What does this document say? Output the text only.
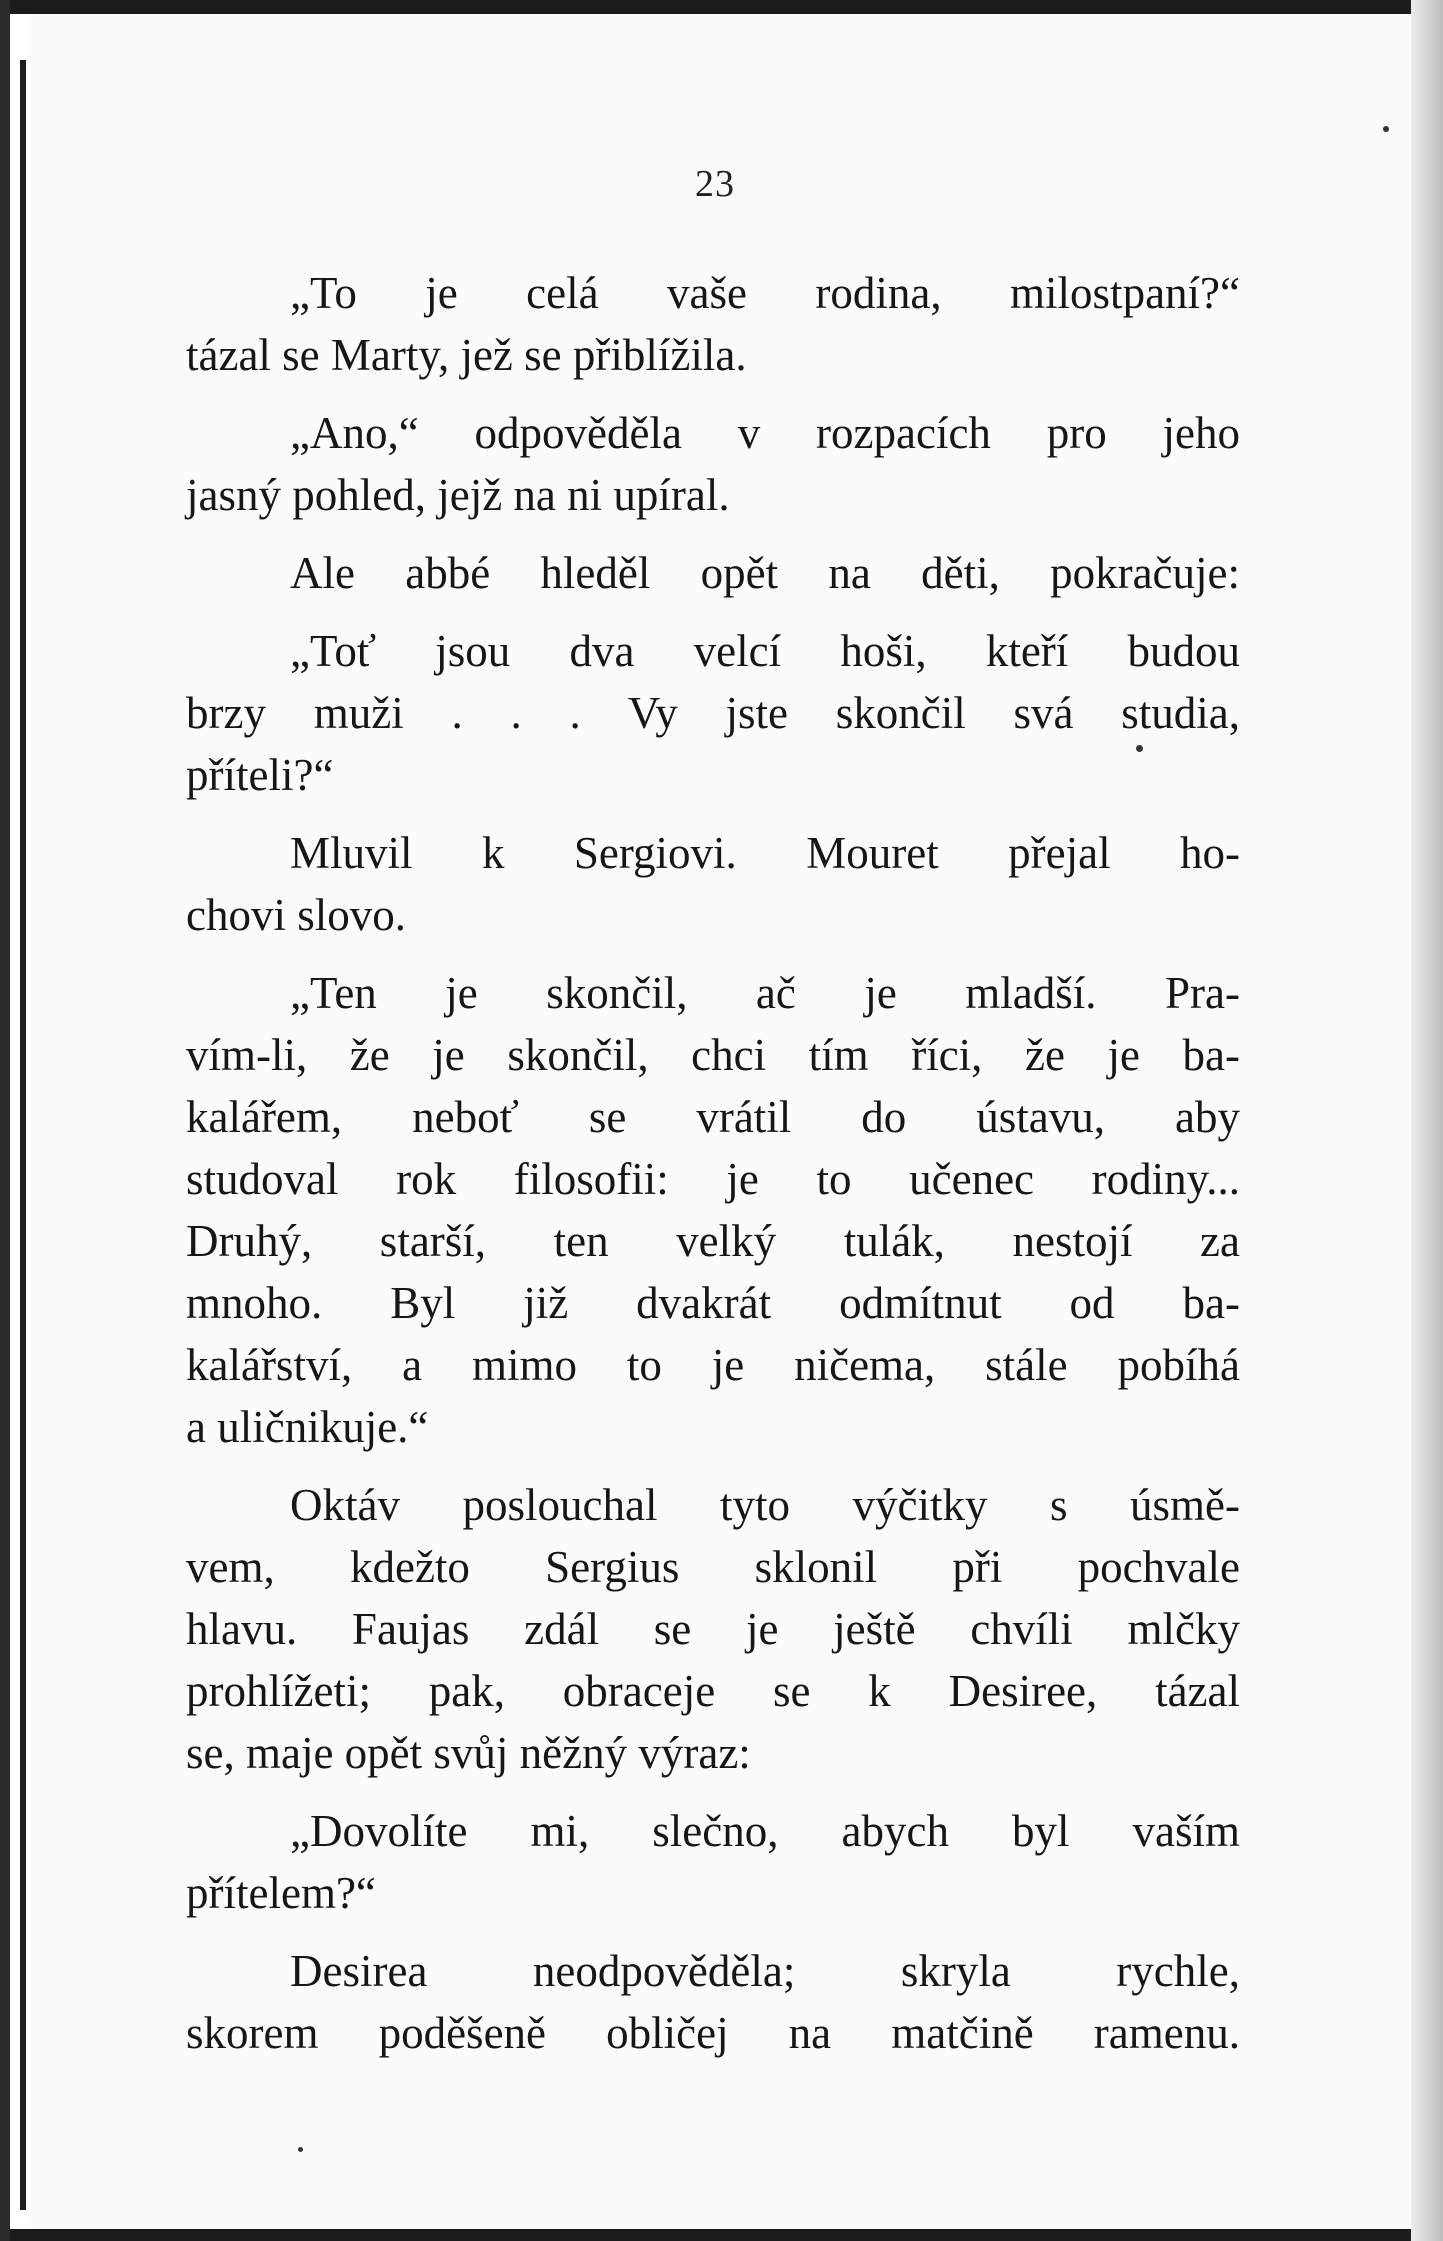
23
„To je celá vaše rodina, milostpaní?“
tázal se Marty, jež se přiblížila.
„Ano,“ odpověděla v rozpacích pro jeho
jasný pohled, jejž na ni upíral.
Ale abbé hleděl opět na děti, pokračuje:
„Toť jsou dva velcí hoši, kteří budou
brzy muži . . . Vy jste skončil svá studia,
příteli?“
Mluvil k Sergiovi. Mouret přejal ho-
chovi slovo.
„Ten je skončil, ač je mladší. Pra-
vím-li, že je skončil, chci tím říci, že je ba-
kalářem, neboť se vrátil do ústavu, aby
studoval rok filosofii: je to učenec rodiny...
Druhý, starší, ten velký tulák, nestojí za
mnoho. Byl již dvakrát odmítnut od ba-
kalářství, a mimo to je ničema, stále pobíhá
a uličnikuje.“
Oktáv poslouchal tyto výčitky s úsmě-
vem, kdežto Sergius sklonil při pochvale
hlavu. Faujas zdál se je ještě chvíli mlčky
prohlížeti; pak, obraceje se k Desiree, tázal
se, maje opět svůj něžný výraz:
„Dovolíte mi, slečno, abych byl vaším
přítelem?“
Desirea neodpověděla; skryla rychle,
skorem poděšeně obličej na matčině ramenu.
